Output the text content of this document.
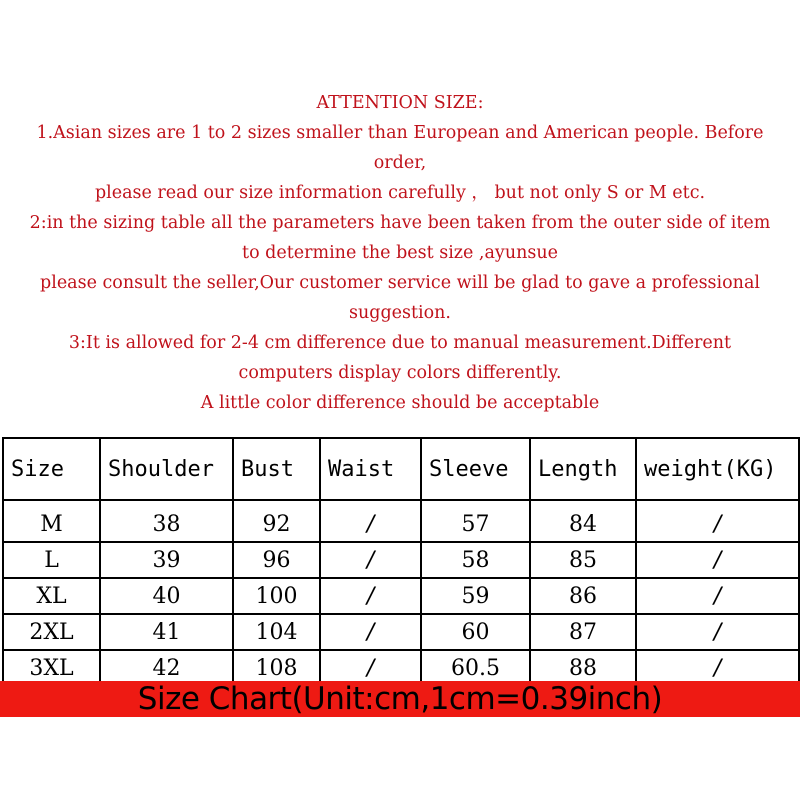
ATTENTION SIZE:

1.Asian sizes are 1 to 2 sizes smaller than European and American people. Before

order,

please read our size information carefully ， but not only S or M etc.

2:in the sizing table all the parameters have been taken from the outer side of item

to determine the best size ,ayunsue

please consult the seller,Our customer service will be glad to gave a professional

suggestion.

3:It is allowed for 2-4 cm difference due to manual measurement.Different

computers display colors differently.

A little color difference should be acceptable

Size	Shoulder	Bust	Waist	Sleeve	Length	weight(KG)
M	38	92	/	57	84	/
L	39	96	/	58	85	/
XL	40	100	/	59	86	/
2XL	41	104	/	60	87	/
3XL	42	108	/	60.5	88	/
Size Chart(Unit:cm,1cm=0.39inch)
